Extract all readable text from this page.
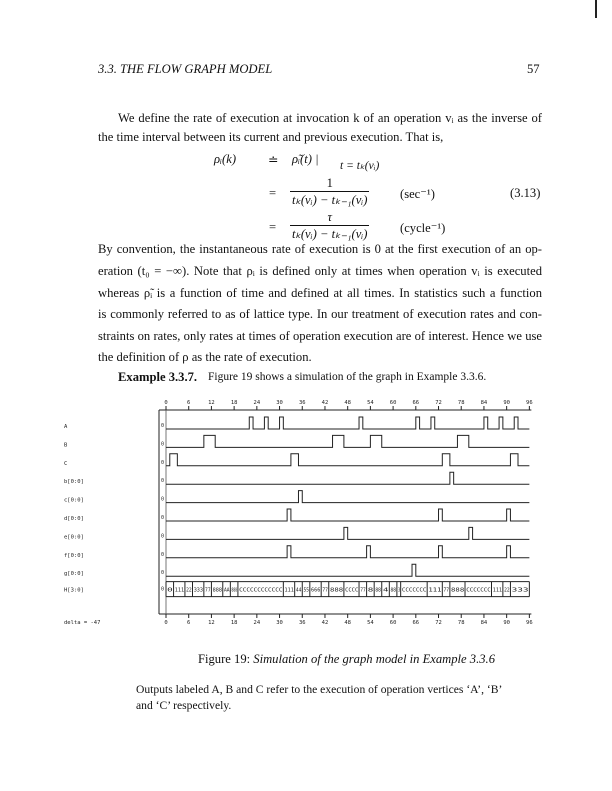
3.3. THE FLOW GRAPH MODEL	57
We define the rate of execution at invocation k of an operation vᵢ as the inverse of
the time interval between its current and previous execution. That is,
ρᵢ(k)	≐ ρ̃ᵢ(t) | t = tₖ(vᵢ)
= $\frac{1}{\text{tₖ(vᵢ) − tₖ₋₁(vᵢ)}} (\sec^{-1})$	(3.13)
= $\frac{\tau}{\text{tₖ(vᵢ) − tₖ₋₁(vᵢ)}}$ (cycle⁻¹)
By convention, the instantaneous rate of execution is 0 at the first execution of an op-
eration (t₀ = −∞). Note that ρᵢ is defined only at times when operation vᵢ is executed
whereas ρ̃ᵢ is a function of time and defined at all times. In statistics such a function
is commonly referred to as of lattice type. In our treatment of execution rates and con-
straints on rates, only rates at times of operation execution are of interest. Hence we use
the definition of ρ as the rate of execution.
Example 3.3.7. Figure 19 shows a simulation of the graph in Example 3.3.6.
0
0
6
6
12
12
18
18
24
24
30
30
36
36
42
42
48
48
54
54
60
60
66
66
72
72
78
78
84
84
90
90
96
96
delta = -47
A	0
B	0
C	0
b[0:0]	0
c[0:0]	0
d[0:0]	0
e[0:0]	0
f[0:0]	0
g[0:0]	0
H[3:0]	0 0 111 22 333 77 888 AA 888 CCCCCCCCCCCC 111 44 55 666 77 888 CCCC 77 8 88 4 88 3 CCCCCCC 111 77 888 CCCCCCC 111 22 333
Figure 19: Simulation of the graph model in Example 3.3.6
Outputs labeled A, B and C refer to the execution of operation vertices ‘A’, ‘B’
and ‘C’ respectively.
